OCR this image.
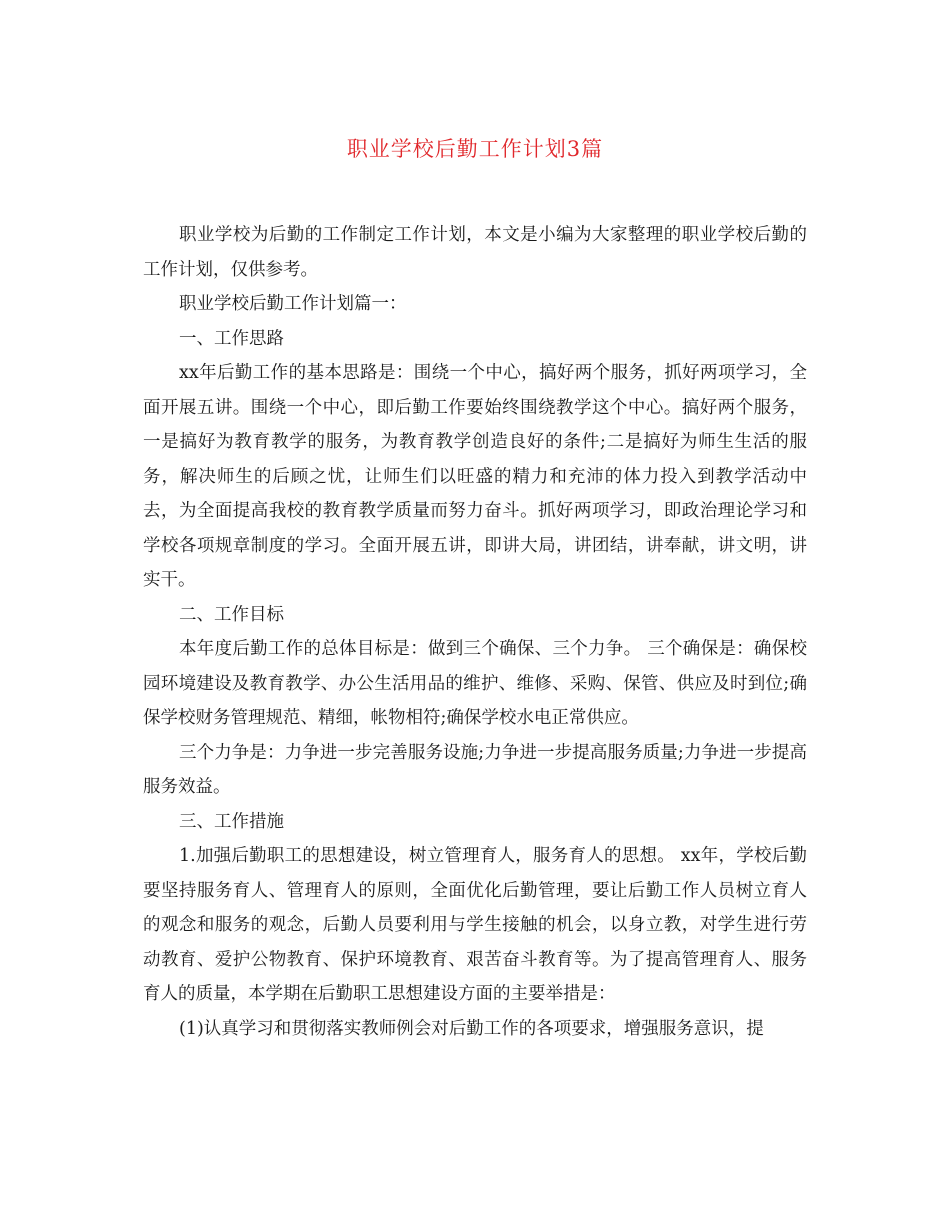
职业学校后勤工作计划3篇

职业学校为后勤的工作制定工作计划，本文是小编为大家整理的职业学校后勤的工作计划，仅供参考。

职业学校后勤工作计划篇一：

一、工作思路

xx年后勤工作的基本思路是：围绕一个中心，搞好两个服务，抓好两项学习，全面开展五讲。围绕一个中心，即后勤工作要始终围绕教学这个中心。搞好两个服务，一是搞好为教育教学的服务，为教育教学创造良好的条件;二是搞好为师生生活的服务，解决师生的后顾之忧，让师生们以旺盛的精力和充沛的体力投入到教学活动中去，为全面提高我校的教育教学质量而努力奋斗。抓好两项学习，即政治理论学习和学校各项规章制度的学习。全面开展五讲，即讲大局，讲团结，讲奉献，讲文明，讲实干。

二、工作目标

本年度后勤工作的总体目标是：做到三个确保、三个力争。 三个确保是：确保校园环境建设及教育教学、办公生活用品的维护、维修、采购、保管、供应及时到位;确保学校财务管理规范、精细，帐物相符;确保学校水电正常供应。

三个力争是：力争进一步完善服务设施;力争进一步提高服务质量;力争进一步提高服务效益。

三、工作措施

1.加强后勤职工的思想建设，树立管理育人，服务育人的思想。 xx年，学校后勤要坚持服务育人、管理育人的原则，全面优化后勤管理，要让后勤工作人员树立育人的观念和服务的观念，后勤人员要利用与学生接触的机会，以身立教，对学生进行劳动教育、爱护公物教育、保护环境教育、艰苦奋斗教育等。为了提高管理育人、服务育人的质量，本学期在后勤职工思想建设方面的主要举措是：

(1)认真学习和贯彻落实教师例会对后勤工作的各项要求，增强服务意识，提
